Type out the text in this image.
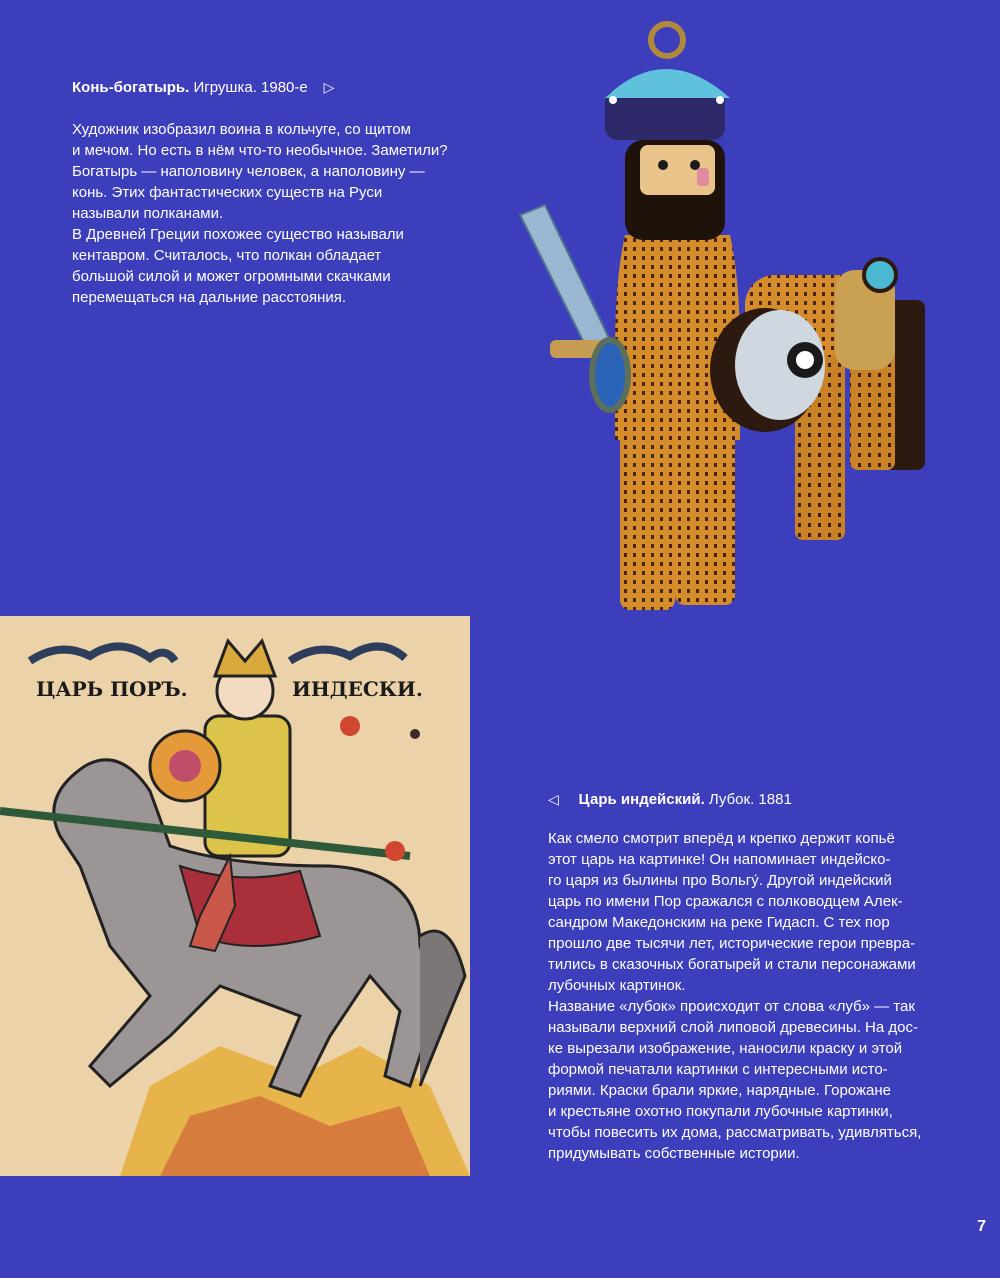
ЦАРЬ ПОРЪ.	ИНДЕСКИ.
Конь-богатырь. Игрушка. 1980-е    ▷
Художник изобразил воина в кольчуге, со щитом
и мечом. Но есть в нём что-то необычное. Заметили?
Богатырь — наполовину человек, а наполовину —
конь. Этих фантастических существ на Руси
называли полканами.
В Древней Греции похожее существо называли
кентавром. Считалось, что полкан обладает
большой силой и может огромными скачками
перемещаться на дальние расстояния.
◁     Царь индейский. Лубок. 1881
Как смело смотрит вперёд и крепко держит копьё
этот царь на картинке! Он напоминает индейско-
го царя из былины про Вольгу́. Другой индейский
царь по имени Пор сражался с полководцем Алек-
сандром Македонским на реке Гидасп. С тех пор
прошло две тысячи лет, исторические герои превра-
тились в сказочных богатырей и стали персонажами
лубочных картинок.
Название «лубок» происходит от слова «луб» — так
называли верхний слой липовой древесины. На дос-
ке вырезали изображение, наносили краску и этой
формой печатали картинки с интересными исто-
риями. Краски брали яркие, нарядные. Горожане
и крестьяне охотно покупали лубочные картинки,
чтобы повесить их дома, рассматривать, удивляться,
придумывать собственные истории.
7
